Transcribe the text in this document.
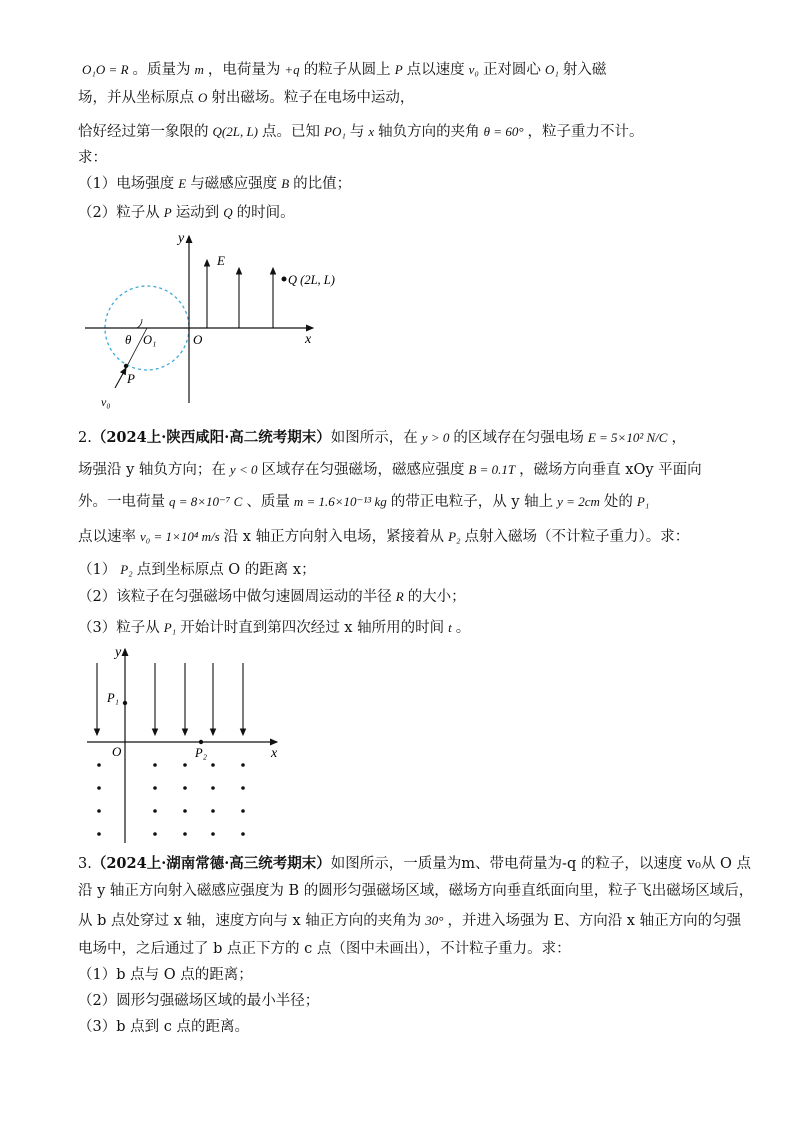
O₁O = R 。质量为 m ，电荷量为 +q 的粒子从圆上 P 点以速度 v₀ 正对圆心 O₁ 射入磁
场，并从坐标原点 O 射出磁场。粒子在电场中运动，
恰好经过第一象限的 Q(2L, L) 点。已知 PO₁ 与 x 轴负方向的夹角 θ = 60° ，粒子重力不计。
求：
（1）电场强度 E 与磁感应强度 B 的比值；
（2）粒子从 P 运动到 Q 的时间。
y
x
E
Q (2L, L)
θ O₁	O
P
v₀
2.（2024上·陕西咸阳·高二统考期末）如图所示，在 y > 0 的区域存在匀强电场 E = 5×10² N/C ，
场强沿 y 轴负方向；在 y < 0 区域存在匀强磁场，磁感应强度 B = 0.1T ，磁场方向垂直 xOy 平面向
外。一电荷量 q = 8×10⁻⁷ C 、质量 m = 1.6×10⁻¹³ kg 的带正电粒子，从 y 轴上 y = 2cm 处的 P₁
点以速率 v₀ = 1×10⁴ m/s 沿 x 轴正方向射入电场，紧接着从 P₂ 点射入磁场（不计粒子重力）。求：
（1） P₂ 点到坐标原点 O 的距离 x；
（2）该粒子在匀强磁场中做匀速圆周运动的半径 R 的大小；
（3）粒子从 P₁ 开始计时直到第四次经过 x 轴所用的时间 t 。
y
x
O
P₁
P₂
3.（2024上·湖南常德·高三统考期末）如图所示，一质量为m、带电荷量为-q 的粒子，以速度 v₀从 O 点
沿 y 轴正方向射入磁感应强度为 B 的圆形匀强磁场区域，磁场方向垂直纸面向里，粒子飞出磁场区域后，
从 b 点处穿过 x 轴，速度方向与 x 轴正方向的夹角为 30° ，并进入场强为 E、方向沿 x 轴正方向的匀强
电场中，之后通过了 b 点正下方的 c 点（图中未画出），不计粒子重力。求：
（1）b 点与 O 点的距离；
（2）圆形匀强磁场区域的最小半径；
（3）b 点到 c 点的距离。
